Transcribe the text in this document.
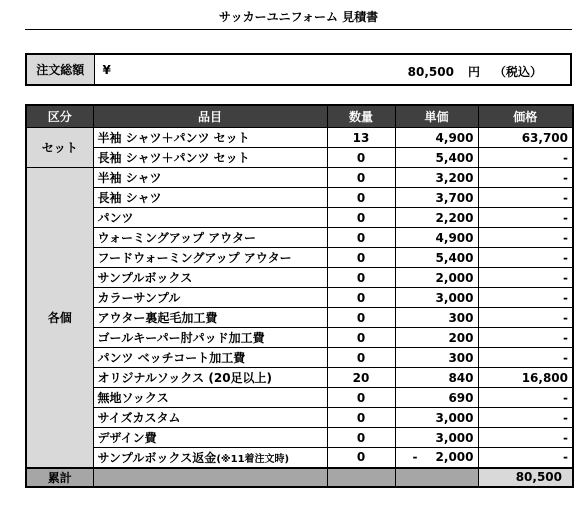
サッカーユニフォーム 見積書
注文総額	¥	80,500 円 （税込）
区分	品目	数量	単価	価格
セット	半袖 シャツ＋パンツ セット	13	4,900	63,700
	長袖 シャツ＋パンツ セット	0	5,400	-
各個	半袖 シャツ	0	3,200	-
	長袖 シャツ	0	3,700	-
	パンツ	0	2,200	-
	ウォーミングアップ アウター	0	4,900	-
	フードウォーミングアップ アウター	0	5,400	-
	サンプルボックス	0	2,000	-
	カラーサンプル	0	3,000	-
	アウター裏起毛加工費	0	300	-
	ゴールキーパー肘パッド加工費	0	200	-
	パンツ ベッチコート加工費	0	300	-
	オリジナルソックス (20足以上)	20	840	16,800
	無地ソックス	0	690	-
	サイズカスタム	0	3,000	-
	デザイン費	0	3,000	-
	サンプルボックス返金(※11着注文時)	0	- 2,000	-
累計				80,500
